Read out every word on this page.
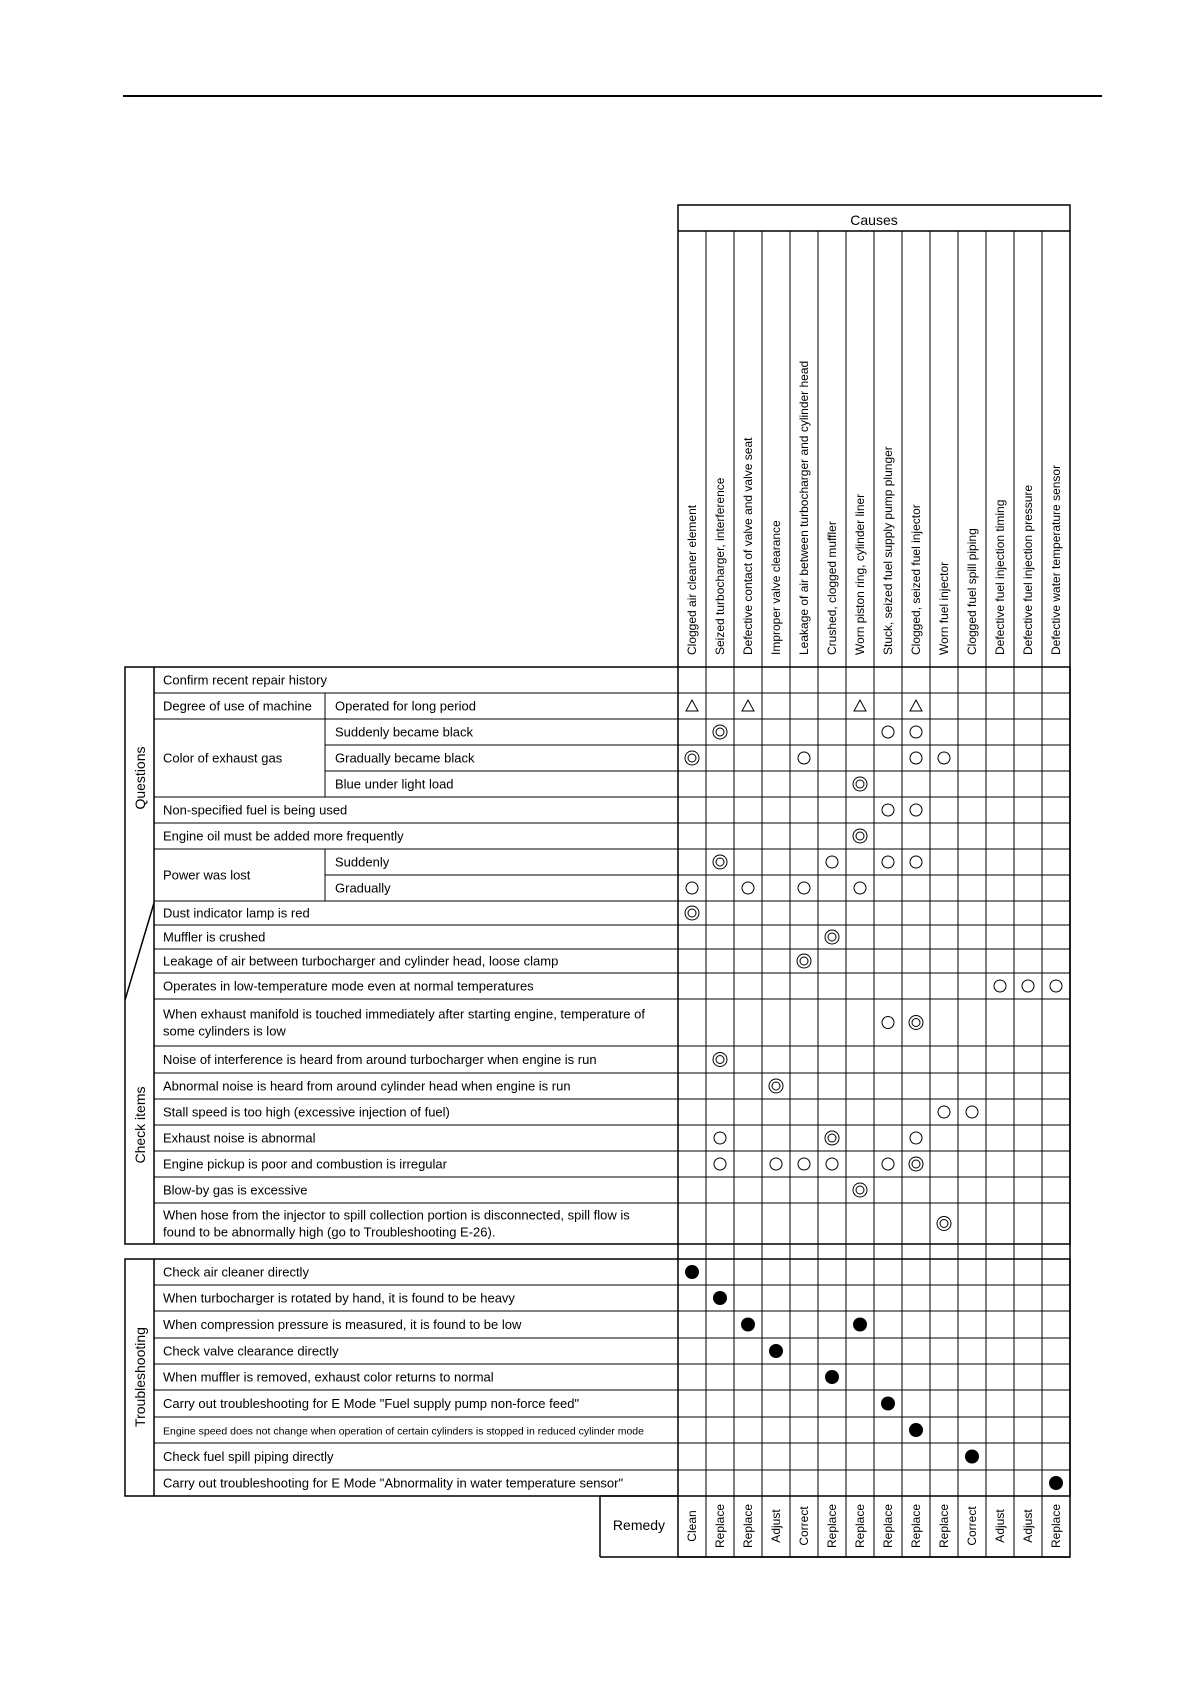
Causes
Clogged air cleaner element Seized turbocharger, interference Defective contact of valve and valve seat Improper valve clearance Leakage of air between turbocharger and cylinder head Crushed, clogged muffler Worn piston ring, cylinder liner Stuck, seized fuel supply pump plunger Clogged, seized fuel injector Worn fuel injector Clogged fuel spill piping Defective fuel injection timing Defective fuel injection pressure Defective water temperature sensor
Questions
Check items
Confirm recent repair history
Degree of use of machine Operated for long period
Color of exhaust gas
Suddenly became black
Gradually became black
Blue under light load
Non-specified fuel is being used
Engine oil must be added more frequently
Power was lost
Suddenly
Gradually
Dust indicator lamp is red
Muffler is crushed
Leakage of air between turbocharger and cylinder head, loose clamp
Operates in low-temperature mode even at normal temperatures
When exhaust manifold is touched immediately after starting engine, temperature of
some cylinders is low
Noise of interference is heard from around turbocharger when engine is run
Abnormal noise is heard from around cylinder head when engine is run
Stall speed is too high (excessive injection of fuel)
Exhaust noise is abnormal
Engine pickup is poor and combustion is irregular
Blow-by gas is excessive
When hose from the injector to spill collection portion is disconnected, spill flow is
found to be abnormally high (go to Troubleshooting E-26).
Troubleshooting
Check air cleaner directly
When turbocharger is rotated by hand, it is found to be heavy
When compression pressure is measured, it is found to be low
Check valve clearance directly
When muffler is removed, exhaust color returns to normal
Carry out troubleshooting for E Mode "Fuel supply pump non-force feed"
Engine speed does not change when operation of certain cylinders is stopped in reduced cylinder mode
Check fuel spill piping directly
Carry out troubleshooting for E Mode "Abnormality in water temperature sensor"
Remedy Clean Replace Replace Adjust Correct Replace Replace Replace Replace Replace Correct Adjust Adjust Replace
